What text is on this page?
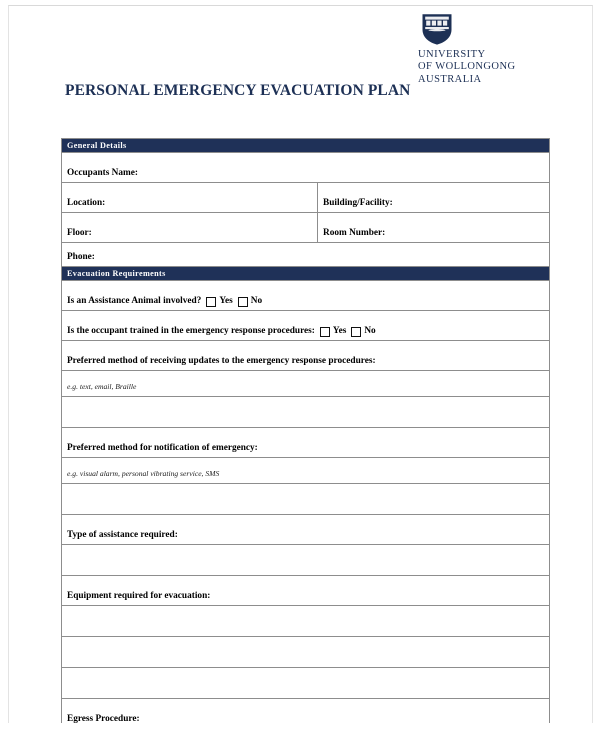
UNIVERSITY
OF WOLLONGONG
AUSTRALIA
PERSONAL EMERGENCY EVACUATION PLAN
General Details	

Occupants Name:	

Location:	Building/Facility:

Floor:	Room Number:

Phone:	

Evacuation Requirements	

Is an Assistance Animal involved? Yes No	

Is the occupant trained in the emergency response procedures: Yes No	

Preferred method of receiving updates to the emergency response procedures:	

e.g. text, email, Braille	

Preferred method for notification of emergency:	

e.g. visual alarm, personal vibrating service, SMS	

Type of assistance required:	

Equipment required for evacuation:	

Egress Procedure:	
